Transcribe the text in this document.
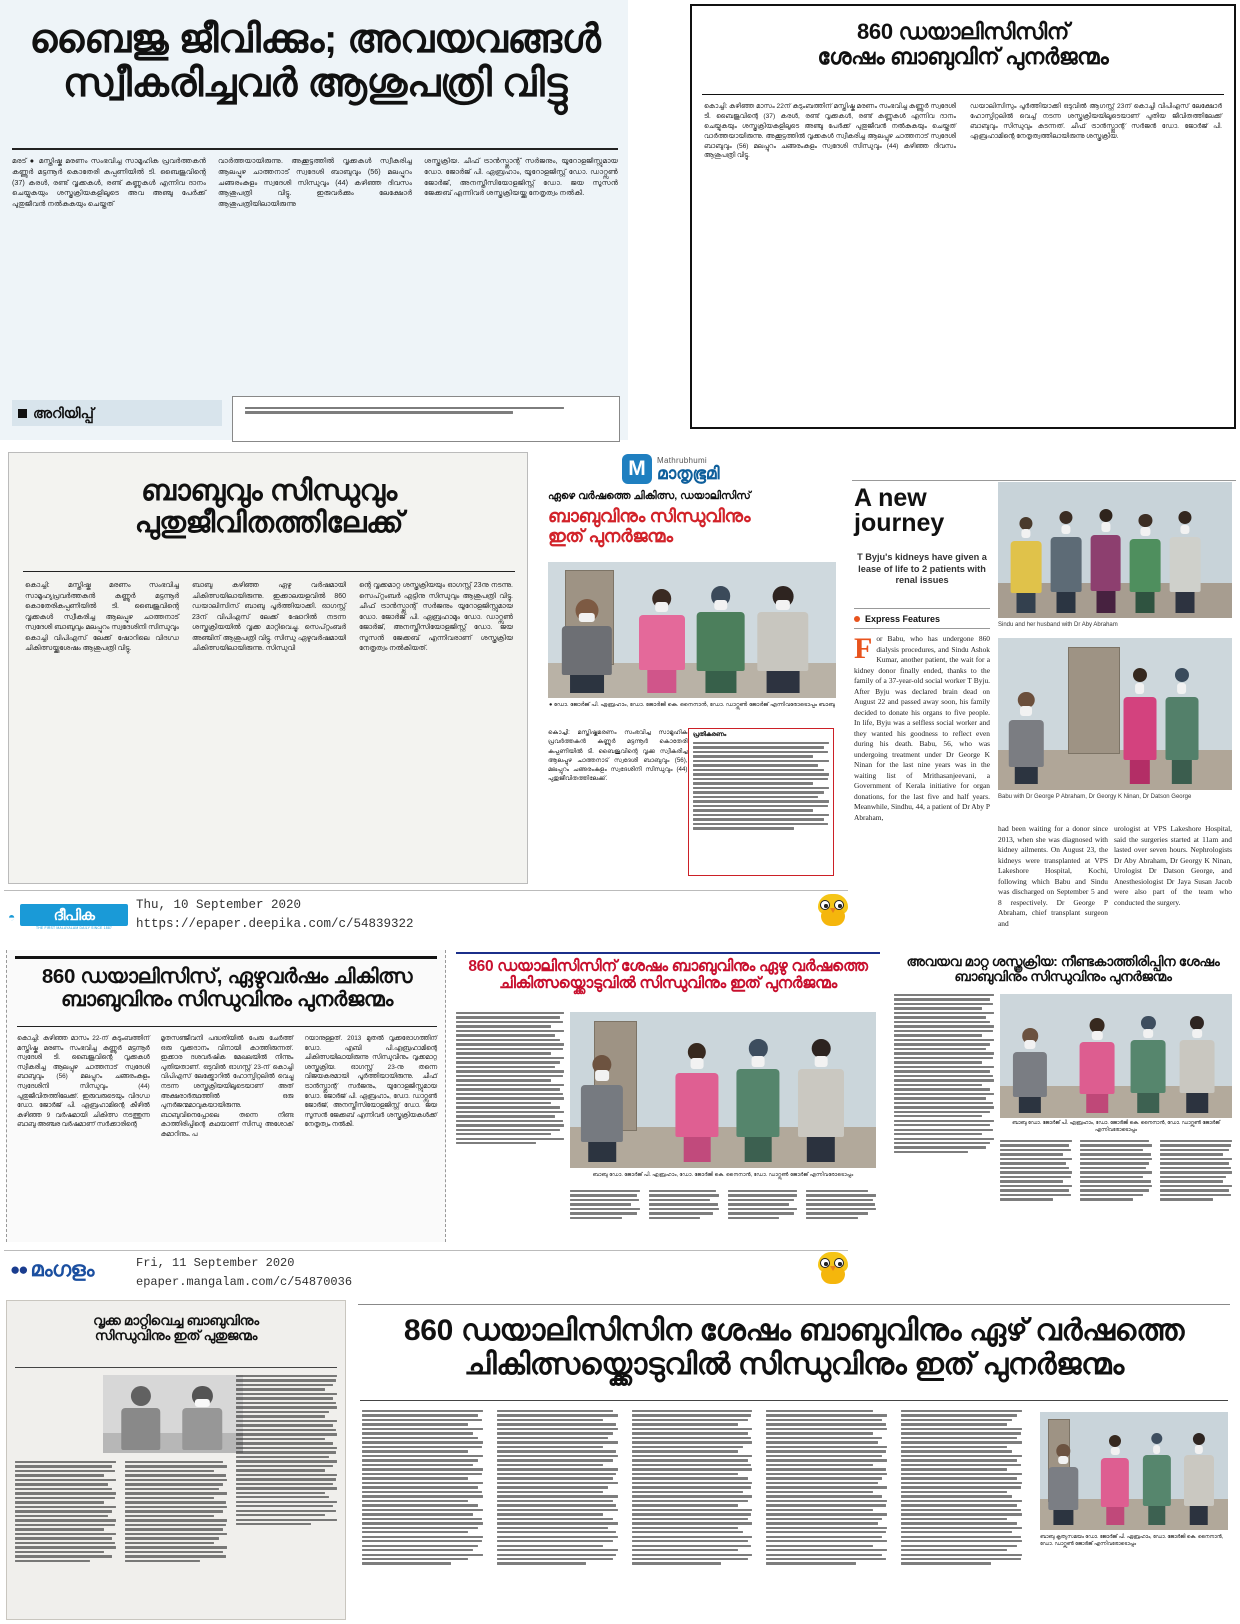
ബൈജു ജീവിക്കും; അവയവങ്ങൾ
സ്വീകരിച്ചവർ ആശുപത്രി വിട്ടു
മരട് ● മസ്തിഷ്ക മരണം സംഭവിച്ച സാമൂഹിക പ്രവർത്തകൻ കണ്ണൂർ മട്ടന്നൂർ കൊതേരി കപ്പണിയിൽ ടി. ബൈജുവിന്റെ (37) കരൾ, രണ്ട് വൃക്കകൾ, രണ്ട് കണ്ണുകൾ എന്നിവ ദാനം ചെയ്യുകയും ശസ്ത്രക്രിയകളിലൂടെ അവ അഞ്ചു പേർക്ക് പുതുജീവൻ നൽകുകയും ചെയ്തത്
വാർത്തയായിരുന്നു. അക്കൂട്ടത്തിൽ വൃക്കകൾ സ്വീകരിച്ച ആലപ്പുഴ ചാത്തനാട് സ്വദേശി ബാബുവും (56) മലപ്പുറം ചങ്ങരംകുളം സ്വദേശി സിന്ധുവും (44) കഴിഞ്ഞ ദിവസം ആശുപത്രി വിട്ടു. ഇരുവർക്കും ലേക്ഷോർ ആശുപത്രിയിലായിരുന്നു
ശസ്ത്രക്രിയ. ചീഫ് ട്രാൻസ്പ്ലാന്റ് സർജനും, യൂറോളജിസ്റ്റുമായ ഡോ. ജോർജ് പി. ഏബ്രഹാം, യൂറോളജിസ്റ്റ് ഡോ. ഡാറ്റ്സൺ ജോർജ്, അനസ്തീസിയോളജിസ്റ്റ് ഡോ. ജയ സൂസൻ ജേക്കബ് എന്നിവർ ശസ്ത്രക്രിയയ്ക്കു നേതൃത്വം നൽകി.
അറിയിപ്പ്
860 ഡയാലിസിസിന്
ശേഷം ബാബുവിന് പുനർജന്മം
കൊച്ചി: കഴിഞ്ഞ മാസം 22ന് കുടുംബത്തിന് മസ്തിഷ്ക മരണം സംഭവിച്ച കണ്ണൂർ സ്വദേശി ടി. ബൈജുവിന്റെ (37) കരൾ, രണ്ട് വൃക്കകൾ, രണ്ട് കണ്ണുകൾ എന്നിവ ദാനം ചെയ്യുകയും ശസ്ത്രക്രിയകളിലൂടെ അഞ്ചു പേർക്ക് പുതുജീവൻ നൽകുകയും ചെയ്തത് വാർത്തയായിരുന്നു. അക്കൂട്ടത്തിൽ വൃക്കകൾ സ്വീകരിച്ച ആലപ്പുഴ ചാത്തനാട് സ്വദേശി ബാബുവും (56) മലപ്പുറം ചങ്ങരംകുളം സ്വദേശി സിന്ധുവും (44) കഴിഞ്ഞ ദിവസം ആശുപത്രി വിട്ടു.
ഡയാലിസിസും പൂർത്തിയാക്കി ഒടുവിൽ ആഗസ്റ്റ് 23ന് കൊച്ചി വിപിഎസ് ലേക്ഷോർ ഹോസ്പിറ്റലിൽ വെച്ച് നടന്ന ശസ്ത്രക്രിയയിലൂടെയാണ് പുതിയ ജീവിതത്തിലേക്ക് ബാബുവും സിന്ധുവും കടന്നത്. ചീഫ് ട്രാൻസ്പ്ലാന്റ് സർജൻ ഡോ. ജോർജ് പി. ഏബ്രഹാമിന്റെ നേതൃത്വത്തിലായിരുന്നു ശസ്ത്രക്രിയ.
ബാബുവും സിന്ധുവും
പുതുജീവിതത്തിലേക്ക്
കൊച്ചി: മസ്തിഷ്ക മരണം സംഭവിച്ച സാമൂഹ്യപ്രവർത്തകൻ കണ്ണൂർ മട്ടന്നൂർ കൊതേരികപ്പണിയിൽ ടി. ബൈജുവിന്റെ വൃക്കകൾ സ്വീകരിച്ച ആലപ്പുഴ ചാത്തനാട് സ്വദേശി ബാബുവും മലപ്പുറം സ്വദേശിനി സിന്ധുവും കൊച്ചി വിപിഎസ് ലേക്ക് ഷോറിലെ വിദഗ്ധ ചികിത്സയ്ക്കുശേഷം ആശുപത്രി വിട്ടു.
ബാബു കഴിഞ്ഞ ഏഴു വർഷമായി ചികിത്സയിലായിരുന്നു. ഇക്കാലയളവിൽ 860 ഡയാലിസിസ് ബാബു പൂർത്തിയാക്കി. ഓഗസ്റ്റ് 23ന് വിപിഎസ് ലേക്ക് ഷോറിൽ നടന്ന ശസ്ത്രക്രിയയിൽ വൃക്ക മാറ്റിവെച്ചു. സെപ്റ്റംബർ അഞ്ചിന് ആശുപത്രി വിട്ടു. സിന്ധു ഏഴുവർഷമായി ചികിത്സയിലായിരുന്നു. സിന്ധുവി
ന്റെ വൃക്കമാറ്റ ശസ്ത്രക്രിയയും ഓഗസ്റ്റ് 23നു നടന്നു. സെപ്റ്റംബർ എട്ടിനു സിന്ധുവും ആശുപത്രി വിട്ടു. ചീഫ് ട്രാൻസ്പ്ലാന്റ് സർജനും യൂറോളജിസ്റ്റുമായ ഡോ. ജോർജ് പി. ഏബ്രഹാമും ഡോ. ഡാറ്റ്സൺ ജോർജ്, അനസ്തീസിയോളജിസ്റ്റ് ഡോ. ജയ സൂസൻ ജേക്കബ് എന്നിവരാണ് ശസ്ത്രക്രിയ നേതൃത്വം നൽകിയത്.
M	Mathrubhumi
മാതൃഭൂമി
ഏഴെ വർഷത്തെ ചികിത്സ, ഡയാലിസിസ്
ബാബുവിനും സിന്ധുവിനും
ഇത് പുനർജന്മം
● ഡോ. ജോർജ് പി. ഏബ്രഹാം, ഡോ. ജോർജി കെ. നൈനാൻ, ഡോ. ഡാറ്റ്സൺ ജോർജ് എന്നിവരോടൊപ്പം ബാബു
കൊച്ചി: മസ്തിഷ്കമരണം സംഭവിച്ച സാമൂഹിക പ്രവർത്തകൻ കണ്ണൂർ മട്ടന്നൂർ കൊതേരി കപ്പണിയിൽ ടി. ബൈജുവിന്റെ വൃക്ക സ്വീകരിച്ച ആലപ്പുഴ ചാത്തനാട് സ്വദേശി ബാബുവും (56), മലപ്പുറം ചങ്ങരംകുളം സ്വദേശിനി സിന്ധുവും (44) പുതുജീവിതത്തിലേക്ക്.
പ്രതികരണം
A new
journey
T Byju's kidneys have given a lease of life to 2 patients with renal issues
Express Features
For Babu, who has undergone 860 dialysis procedures, and Sindu Ashok Kumar, another patient, the wait for a kidney donor finally ended, thanks to the family of a 37-year-old social worker T Byju. After Byju was declared brain dead on August 22 and passed away soon, his family decided to donate his organs to five people. In life, Byju was a selfless social worker and they wanted his goodness to reflect even during his death. Babu, 56, who was undergoing treatment under Dr George K Ninan for the last nine years was in the waiting list of Mrithasanjeevani, a Government of Kerala initiative for organ donations, for the last five and half years. Meanwhile, Sindhu, 44, a patient of Dr Aby P Abraham,
had been waiting for a donor since 2013, when she was diagnosed with kidney ailments. On August 23, the kidneys were transplanted at VPS Lakeshore Hospital, Kochi, following which Babu and Sindu was discharged on September 5 and 8 respectively. Dr George P Abraham, chief transplant surgeon and
urologist at VPS Lakeshore Hospital, said the surgeries started at 11am and lasted over seven hours. Nephrologists Dr Aby Abraham, Dr Georgy K Ninan, Urologist Dr Datson George, and Anesthesiologist Dr Jaya Susan Jacob were also part of the team who conducted the surgery.
Sindu and her husband with Dr Aby Abraham
Babu with Dr George P Abraham, Dr Georgy K Ninan, Dr Datson George
◓	ദീപിക
THE FIRST MALAYALAM DAILY SINCE 1887
Thu, 10 September 2020
https://epaper.deepika.com/c/54839322
860 ഡയാലിസിസ്, ഏഴുവർഷം ചികിത്സ
ബാബുവിനും സിന്ധുവിനും പുനർജന്മം
കൊച്ചി: കഴിഞ്ഞ മാസം 22-ന് കുടുംബത്തിന് മസ്തിഷ്ക മരണം സംഭവിച്ച കണ്ണൂർ മട്ടന്നൂർ സ്വദേശി ടി. ബൈജുവിന്റെ വൃക്കകൾ സ്വീകരിച്ച ആലപ്പുഴ ചാത്തനാട് സ്വദേശി ബാബുവും (56) മലപ്പുറം ചങ്ങരംകുളം സ്വദേശിനി സിന്ധുവും (44) പുതുജീവിതത്തിലേക്ക്. ഇരുവരുടെയും വിദഗ്ധ ഡോ. ജോർജ് പി. ഏബ്രഹാമിന്റെ കീഴിൽ കഴിഞ്ഞ 9 വർഷമായി ചികിത്സ നടത്തുന്ന ബാബു അഞ്ചര വർഷമാണ് സർക്കാരിന്റെ
മൃതസഞ്ജീവനി പദ്ധതിയിൽ പേരു ചേർത്ത് ഒരു വൃക്കദാനം വിനായി കാത്തിരുന്നത്. ഇക്കാര ദശവർഷിക മേഖലയിൽ നിന്നും പുതിയതാണ്. ഒടുവിൽ ഓഗസ്റ്റ് 23-ന് കൊച്ചി വിപിഎസ് ലേക്ക്ഷോറിൽ ഹോസ്പിറ്റലിൽ വെച്ചു നടന്ന ശസ്ത്രക്രിയയിലൂടെയാണ് അത് അക്ഷരാർത്ഥത്തിൽ ഒരു പുനർജന്മമാവുകയായിരുന്നു. ബാബുവിനെപ്പോലെ തന്നെ നീണ്ട കാത്തിരിപ്പിന്റെ കഥയാണ് സിന്ധു അശോക് കുമാറിനും. പ
റയാനുള്ളത്. 2013 മുതൽ വൃക്കരോഗത്തിന് ഡോ. എബി പി.എബ്രഹാമിന്റെ ചികിത്സയിലായിരുന്നു സിന്ധുവിനും വൃക്കമാറ്റ ശസ്ത്രക്രിയ. ഓഗസ്റ്റ് 23-നു തന്നെ വിജയകരമായി പൂർത്തിയായിരുന്നു. ചീഫ് ട്രാൻസ്പ്ലാന്റ് സർജനും, യൂറോളജിസ്റ്റുമായ ഡോ. ജോർജ് പി. ഏബ്രഹാം, ഡോ. ഡാറ്റ്സൺ ജോർജ്, അനസ്തീസിയോളജിസ്റ്റ് ഡോ. ജയ സൂസൻ ജേക്കബ് എന്നിവർ ശസ്ത്രക്രിയകൾക്ക് നേതൃത്വം നൽകി.
860 ഡയാലിസിസിന് ശേഷം ബാബുവിനും ഏഴു വർഷത്തെ
ചികിത്സയ്ക്കൊടുവിൽ സിന്ധുവിനും ഇത് പുനർജന്മം
ബാബു ഡോ. ജോർജ് പി. ഏബ്രഹാം, ഡോ. ജോർജി കെ. നൈനാൻ, ഡോ. ഡാറ്റ്സൺ ജോർജ് എന്നിവരോടൊപ്പം
അവയവ മാറ്റ ശസ്ത്രക്രിയ: നീണ്ടകാത്തിരിപ്പിന ശേഷം
ബാബുവിനും സിന്ധുവിനും പുനർജന്മം
ബാബു ഡോ. ജോർജ് പി. ഏബ്രഹാം, ഡോ. ജോർജി കെ. നൈനാൻ, ഡോ. ഡാറ്റ്സൺ ജോർജ് എന്നിവരോടൊപ്പം
●● മംഗളം	Fri, 11 September 2020
epaper.mangalam.com/c/54870036
വൃക്ക മാറ്റിവെച്ച ബാബുവിനും
സിന്ധുവിനും ഇത് പുതുജന്മം	860 ഡയാലിസിസിന ശേഷം ബാബുവിനും ഏഴ് വർഷത്തെ
ചികിത്സയ്ക്കൊടുവിൽ സിന്ധുവിനും ഇത് പുനർജന്മം
ബാബു കൃത്യസമയം ഡോ. ജോർജ് പി. ഏബ്രഹാം, ഡോ. ജോർജി കെ. നൈനാൻ, ഡോ. ഡാറ്റ്സൺ ജോർജ് എന്നിവരോടൊപ്പം
